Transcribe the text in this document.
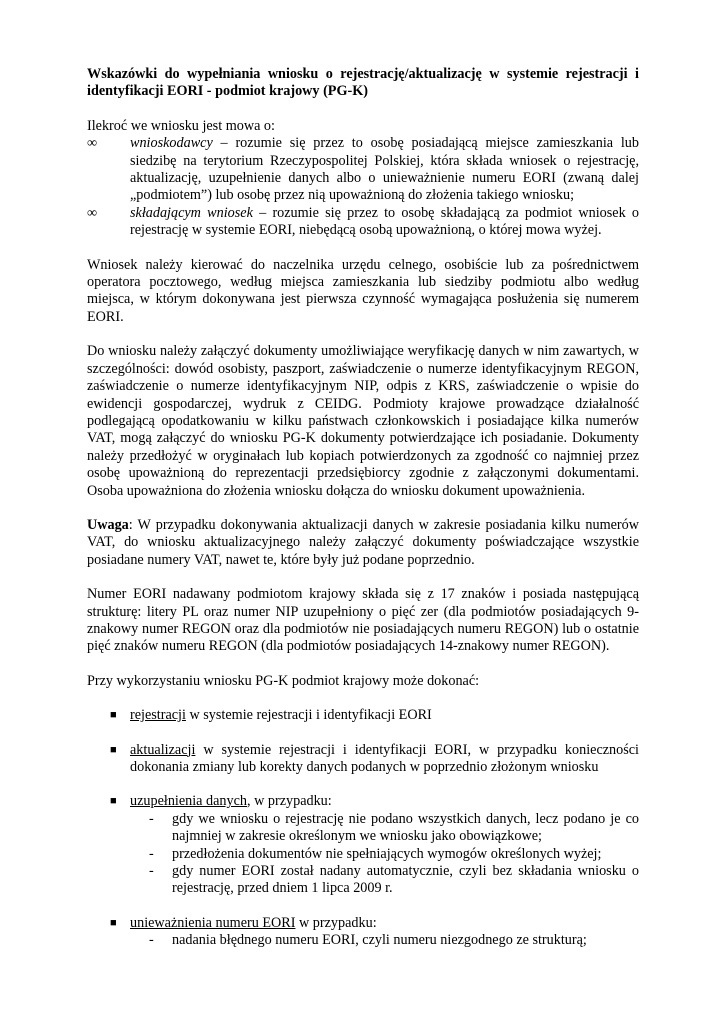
Wskazówki do wypełniania wniosku o rejestrację/aktualizację w systemie rejestracji i identyfikacji EORI - podmiot krajowy (PG-K)

Ilekroć we wniosku jest mowa o:

∞ wnioskodawcy – rozumie się przez to osobę posiadającą miejsce zamieszkania lub siedzibę na terytorium Rzeczypospolitej Polskiej, która składa wniosek o rejestrację, aktualizację, uzupełnienie danych albo o unieważnienie numeru EORI (zwaną dalej „podmiotem”) lub osobę przez nią upoważnioną do złożenia takiego wniosku;
∞ składającym wniosek – rozumie się przez to osobę składającą za podmiot wniosek o rejestrację w systemie EORI, niebędącą osobą upoważnioną, o której mowa wyżej.

Wniosek należy kierować do naczelnika urzędu celnego, osobiście lub za pośrednictwem operatora pocztowego, według miejsca zamieszkania lub siedziby podmiotu albo według miejsca, w którym dokonywana jest pierwsza czynność wymagająca posłużenia się numerem EORI.

Do wniosku należy załączyć dokumenty umożliwiające weryfikację danych w nim zawartych, w szczególności: dowód osobisty, paszport, zaświadczenie o numerze identyfikacyjnym REGON, zaświadczenie o numerze identyfikacyjnym NIP, odpis z KRS, zaświadczenie o wpisie do ewidencji gospodarczej, wydruk z CEIDG. Podmioty krajowe prowadzące działalność podlegającą opodatkowaniu w kilku państwach członkowskich i posiadające kilka numerów VAT, mogą załączyć do wniosku PG-K dokumenty potwierdzające ich posiadanie. Dokumenty należy przedłożyć w oryginałach lub kopiach potwierdzonych za zgodność co najmniej przez osobę upoważnioną do reprezentacji przedsiębiorcy zgodnie z załączonymi dokumentami. Osoba upoważniona do złożenia wniosku dołącza do wniosku dokument upoważnienia.

Uwaga: W przypadku dokonywania aktualizacji danych w zakresie posiadania kilku numerów VAT, do wniosku aktualizacyjnego należy załączyć dokumenty poświadczające wszystkie posiadane numery VAT, nawet te, które były już podane poprzednio.

Numer EORI nadawany podmiotom krajowy składa się z 17 znaków i posiada następującą strukturę: litery PL oraz numer NIP uzupełniony o pięć zer (dla podmiotów posiadających 9-znakowy numer REGON oraz dla podmiotów nie posiadających numeru REGON) lub o ostatnie pięć znaków numeru REGON (dla podmiotów posiadających 14-znakowy numer REGON).

Przy wykorzystaniu wniosku PG-K podmiot krajowy może dokonać:

■ rejestracji w systemie rejestracji i identyfikacji EORI
■ aktualizacji w systemie rejestracji i identyfikacji EORI, w przypadku konieczności dokonania zmiany lub korekty danych podanych w poprzednio złożonym wniosku
■ uzupełnienia danych, w przypadku:
- gdy we wniosku o rejestrację nie podano wszystkich danych, lecz podano je co najmniej w zakresie określonym we wniosku jako obowiązkowe;
- przedłożenia dokumentów nie spełniających wymogów określonych wyżej;
- gdy numer EORI został nadany automatycznie, czyli bez składania wniosku o rejestrację, przed dniem 1 lipca 2009 r.
■ unieważnienia numeru EORI w przypadku:
- nadania błędnego numeru EORI, czyli numeru niezgodnego ze strukturą;
